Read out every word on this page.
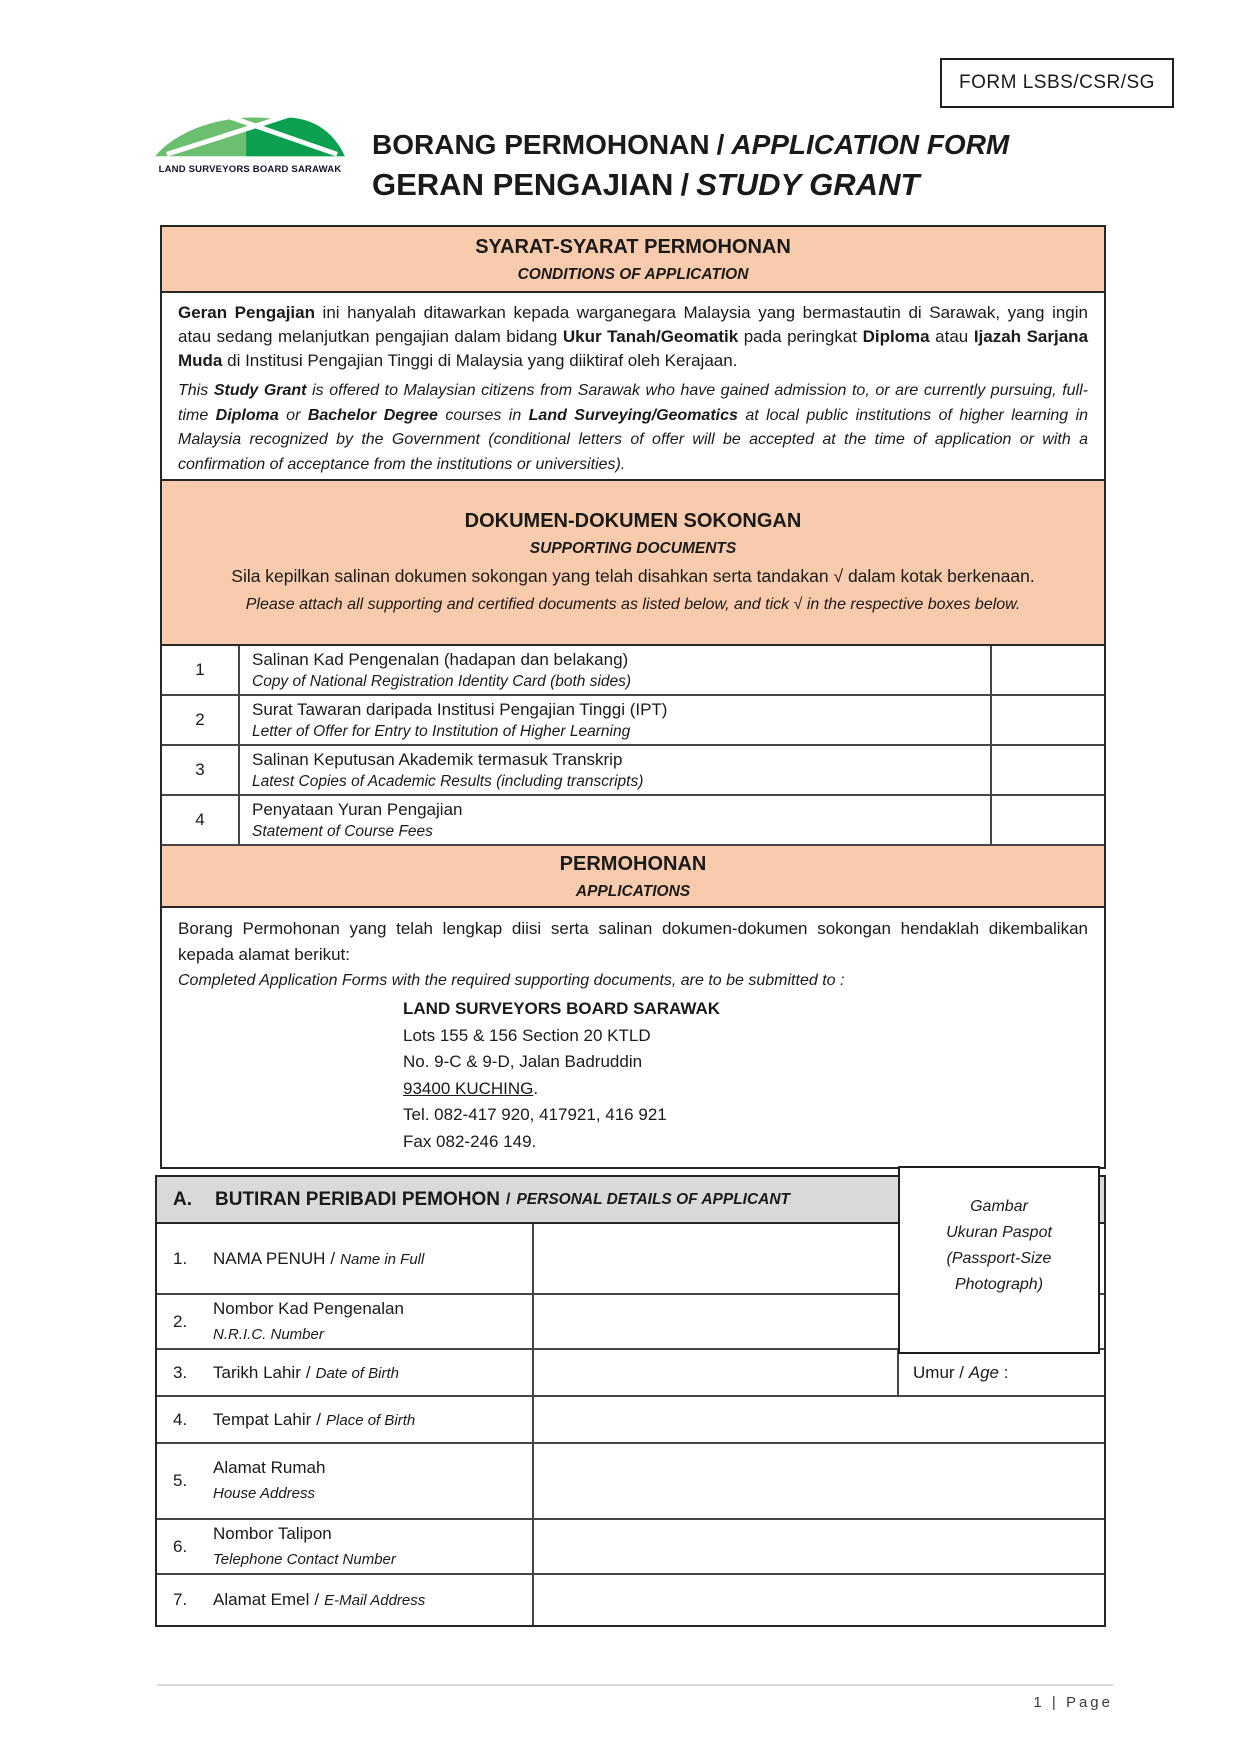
FORM LSBS/CSR/SG
LAND SURVEYORS BOARD SARAWAK
BORANG PERMOHONAN / APPLICATION FORM
GERAN PENGAJIAN / STUDY GRANT
SYARAT-SYARAT PERMOHONAN
CONDITIONS OF APPLICATION
Geran Pengajian ini hanyalah ditawarkan kepada warganegara Malaysia yang bermastautin di Sarawak, yang ingin atau sedang melanjutkan pengajian dalam bidang Ukur Tanah/Geomatik pada peringkat Diploma atau Ijazah Sarjana Muda di Institusi Pengajian Tinggi di Malaysia yang diiktiraf oleh Kerajaan.
This Study Grant is offered to Malaysian citizens from Sarawak who have gained admission to, or are currently pursuing, full-time Diploma or Bachelor Degree courses in Land Surveying/Geomatics at local public institutions of higher learning in Malaysia recognized by the Government (conditional letters of offer will be accepted at the time of application or with a confirmation of acceptance from the institutions or universities).
DOKUMEN-DOKUMEN SOKONGAN
SUPPORTING DOCUMENTS
Sila kepilkan salinan dokumen sokongan yang telah disahkan serta tandakan √ dalam kotak berkenaan.
Please attach all supporting and certified documents as listed below, and tick √ in the respective boxes below.
1
Salinan Kad Pengenalan (hadapan dan belakang)
Copy of National Registration Identity Card (both sides)
2
Surat Tawaran daripada Institusi Pengajian Tinggi (IPT)
Letter of Offer for Entry to Institution of Higher Learning
3
Salinan Keputusan Akademik termasuk Transkrip
Latest Copies of Academic Results (including transcripts)
4
Penyataan Yuran Pengajian
Statement of Course Fees
PERMOHONAN
APPLICATIONS
Borang Permohonan yang telah lengkap diisi serta salinan dokumen-dokumen sokongan hendaklah dikembalikan kepada alamat berikut:
Completed Application Forms with the required supporting documents, are to be submitted to :
LAND SURVEYORS BOARD SARAWAK
Lots 155 & 156 Section 20 KTLD
No. 9-C & 9-D, Jalan Badruddin
93400 KUCHING.
Tel. 082-417 920, 417921, 416 921
Fax 082-246 149.
A.	BUTIRAN PERIBADI PEMOHON / PERSONAL DETAILS OF APPLICANT
1.	NAMA PENUH / Name in Full
2.
Nombor Kad Pengenalan
N.R.I.C. Number
3.	Tarikh Lahir / Date of Birth	Umur / Age :
4.	Tempat Lahir / Place of Birth
5.
Alamat Rumah
House Address
6.
Nombor Talipon
Telephone Contact Number
7.	Alamat Emel / E-Mail Address
Gambar
Ukuran Paspot
(Passport-Size
Photograph)
1 | Page
